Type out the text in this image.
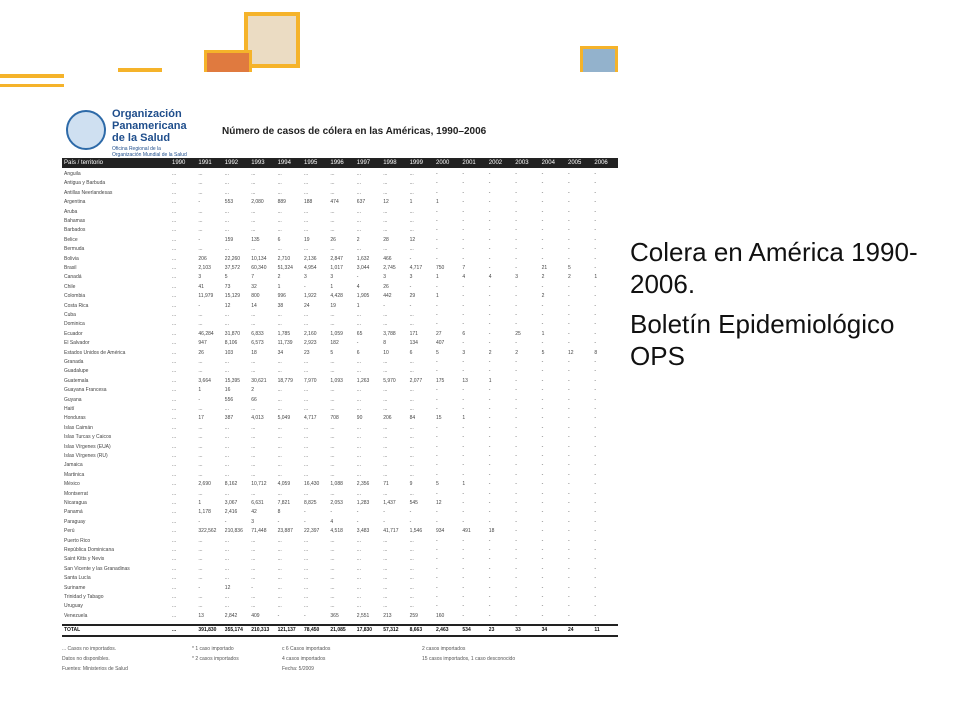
Organización
Panamericana
de la Salud
Oficina Regional de la
Organización Mundial de la Salud
Número de casos de cólera en las Américas, 1990–2006
País / territorio	1990 1991 1992 1993 1994 1995 1996 1997 1998 1999 2000 2001 2002 2003 2004 2005 2006
Anguila	...	...	...	...	...	...	...	...	...	...	-	-	-	-	-	-	-
Antigua y Barbuda	...	...	...	...	...	...	...	...	...	...	-	-	-	-	-	-	-
Antillas Neerlandesas	...	...	...	...	...	...	...	...	...	...	-	-	-	-	-	-	-
Argentina	...	-	553	2,080	889	188	474	637	12	1	1	-	-	-	-	-	-
Aruba	...	...	...	...	...	...	...	...	...	...	-	-	-	-	-	-	-
Bahamas	...	...	...	...	...	...	...	...	...	...	-	-	-	-	-	-	-
Barbados	...	...	...	...	...	...	...	...	...	...	-	-	-	-	-	-	-
Belice	...	-	159	135	6	19	26	2	28	12	-	-	-	-	-	-	-
Bermuda	...	...	...	...	...	...	...	...	...	...	-	-	-	-	-	-	-
Bolivia	...	206	22,260 10,134 2,710	2,136	2,847	1,632	466	-	-	-	-	-	-	-	-
Brasil	...	2,103	37,572 60,340 51,324 4,954	1,017	3,044	2,745	4,717	750	7	-	-	21	5	-
Canadá	...	3	5	7	2	3	3	-	3	3	1	4	4	3	2	2	1
Chile	...	41	73	32	1	-	1	4	26	-	-	-	-	-	-	-	-
Colombia	...	11,979 15,129 800	996	1,922	4,428	1,905	442	29	1	-	-	-	2	-	-
Costa Rica	...	-	12	14	38	24	19	1	-	-	-	-	-	-	-	-	-
Cuba	...	...	...	...	...	...	...	...	...	...	-	-	-	-	-	-	-
Dominica	...	...	...	...	...	...	...	...	...	...	-	-	-	-	-	-	-
Ecuador	...	46,284 31,870 6,833	1,785	2,160	1,059	65	3,788	171	27	6	-	25	1	-	-
El Salvador	...	947	8,106	6,573	11,739 2,923	182	-	8	134	407	-	-	-	-	-	-
Estados Unidos de América	...	26	103	18	34	23	5	6	10	6	5	3	2	2	5	12	8
Granada	...	...	...	...	...	...	...	...	...	...	-	-	-	-	-	-	-
Guadalupe	...	...	...	...	...	...	...	...	...	...	-	-	-	-	-	-	-
Guatemala	...	3,664	15,395 30,621 18,779 7,970	1,093	1,263	5,970	2,077	175	13	1	-	-	-	-
Guayana Francesa	...	1	16	2	...	...	...	...	...	...	-	-	-	-	-	-	-
Guyana	...	-	556	66	...	...	...	...	...	...	-	-	-	-	-	-	-
Haití	...	...	...	...	...	...	...	...	...	...	-	-	-	-	-	-	-
Honduras	...	17	387	4,013	5,049	4,717	708	90	206	84	15	1	-	-	-	-	-
Islas Caimán	...	...	...	...	...	...	...	...	...	...	-	-	-	-	-	-	-
Islas Turcas y Caicos	...	...	...	...	...	...	...	...	...	...	-	-	-	-	-	-	-
Islas Vírgenes (EUA)	...	...	...	...	...	...	...	...	...	...	-	-	-	-	-	-	-
Islas Vírgenes (RU)	...	...	...	...	...	...	...	...	...	...	-	-	-	-	-	-	-
Jamaica	...	...	...	...	...	...	...	...	...	...	-	-	-	-	-	-	-
Martinica	...	...	...	...	...	...	...	...	...	...	-	-	-	-	-	-	-
México	...	2,690	8,162	10,712 4,059	16,430 1,088	2,356	71	9	5	1	-	-	-	-	-
Montserrat	...	...	...	...	...	...	...	...	...	...	-	-	-	-	-	-	-
Nicaragua	...	1	3,067	6,631	7,821	8,825	2,053	1,283	1,437	545	12	-	-	-	-	-	-
Panamá	...	1,178	2,416	42	8	-	-	-	-	-	-	-	-	-	-	-	-
Paraguay	...	-	-	3	-	-	4	-	-	-	-	-	-	-	-	-	-
Perú	...	322,562 210,836 71,448 23,887 22,397 4,518	3,483	41,717 1,546	934	491	18	-	-	-	-
Puerto Rico	...	...	...	...	...	...	...	...	...	...	-	-	-	-	-	-	-
República Dominicana	...	...	...	...	...	...	...	...	...	...	-	-	-	-	-	-	-
Saint Kitts y Nevis	...	...	...	...	...	...	...	...	...	...	-	-	-	-	-	-	-
San Vicente y las Granadinas	...	...	...	...	...	...	...	...	...	...	-	-	-	-	-	-	-
Santa Lucía	...	...	...	...	...	...	...	...	...	...	-	-	-	-	-	-	-
Suriname	...	-	12	-	...	...	...	...	...	...	-	-	-	-	-	-	-
Trinidad y Tabago	...	...	...	...	...	...	...	...	...	...	-	-	-	-	-	-	-
Uruguay	...	...	...	...	...	...	...	...	...	...	-	-	-	-	-	-	-
Venezuela	...	13	2,842	409	-	-	365	2,551	213	259	160	-	-	-	-	-	-
TOTAL	...	391,830 355,174 210,313 121,137 78,450 21,085 17,830 57,312 8,663	2,463	534	23	33	34	24	11
... Casos no importados.	* 1 caso importado	c 6 Casos importados	2 casos importados
Datos no disponibles.	* 2 casos importados	4 casos importados	15 casos importados, 1 caso desconocido
Fuentes: Ministerios de Salud	Fecha: 5/2009

Colera en América 1990-2006.

Boletín Epidemiológico OPS
